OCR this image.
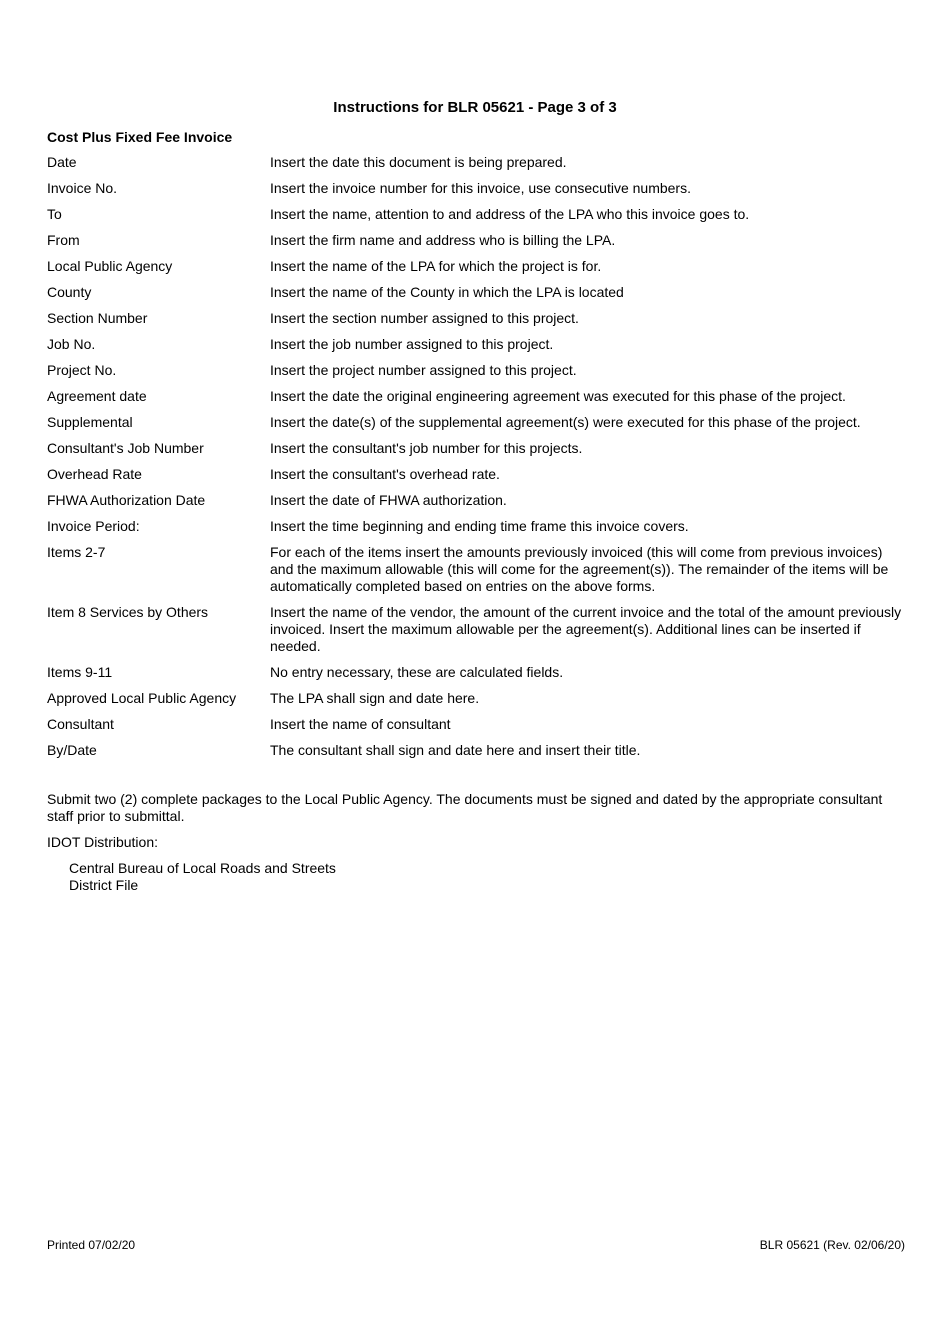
Instructions for BLR 05621 - Page 3 of 3
Cost Plus Fixed Fee Invoice
Date	Insert the date this document is being prepared.
Invoice No.	Insert the invoice number for this invoice, use consecutive numbers.
To	Insert the name, attention to and address of the LPA who this invoice goes to.
From	Insert the firm name and address who is billing the LPA.
Local Public Agency	Insert the name of the LPA for which the project is for.
County	Insert the name of the County in which the LPA is located
Section Number	Insert the section number assigned to this project.
Job No.	Insert the job number assigned to this project.
Project No.	Insert the project number assigned to this project.
Agreement date	Insert the date the original engineering agreement was executed for this phase of the project.
Supplemental	Insert the date(s) of the supplemental agreement(s) were executed for this phase of the project.
Consultant's Job Number	Insert the consultant's job number for this projects.
Overhead Rate	Insert the consultant's overhead rate.
FHWA Authorization Date	Insert the date of FHWA authorization.
Invoice Period:	Insert the time beginning and ending time frame this invoice covers.
Items 2-7	For each of the items insert the amounts previously invoiced (this will come from previous invoices) and the maximum allowable (this will come for the agreement(s)). The remainder of the items will be automatically completed based on entries on the above forms.
Item 8 Services by Others	Insert the name of the vendor, the amount of the current invoice and the total of the amount previously invoiced. Insert the maximum allowable per the agreement(s). Additional lines can be inserted if needed.
Items 9-11	No entry necessary, these are calculated fields.
Approved Local Public Agency	The LPA shall sign and date here.
Consultant	Insert the name of consultant
By/Date	The consultant shall sign and date here and insert their title.
Submit two (2) complete packages to the Local Public Agency. The documents must be signed and dated by the appropriate consultant staff prior to submittal.
IDOT Distribution:
Central Bureau of Local Roads and Streets
District File
Printed 07/02/20	BLR 05621 (Rev. 02/06/20)
